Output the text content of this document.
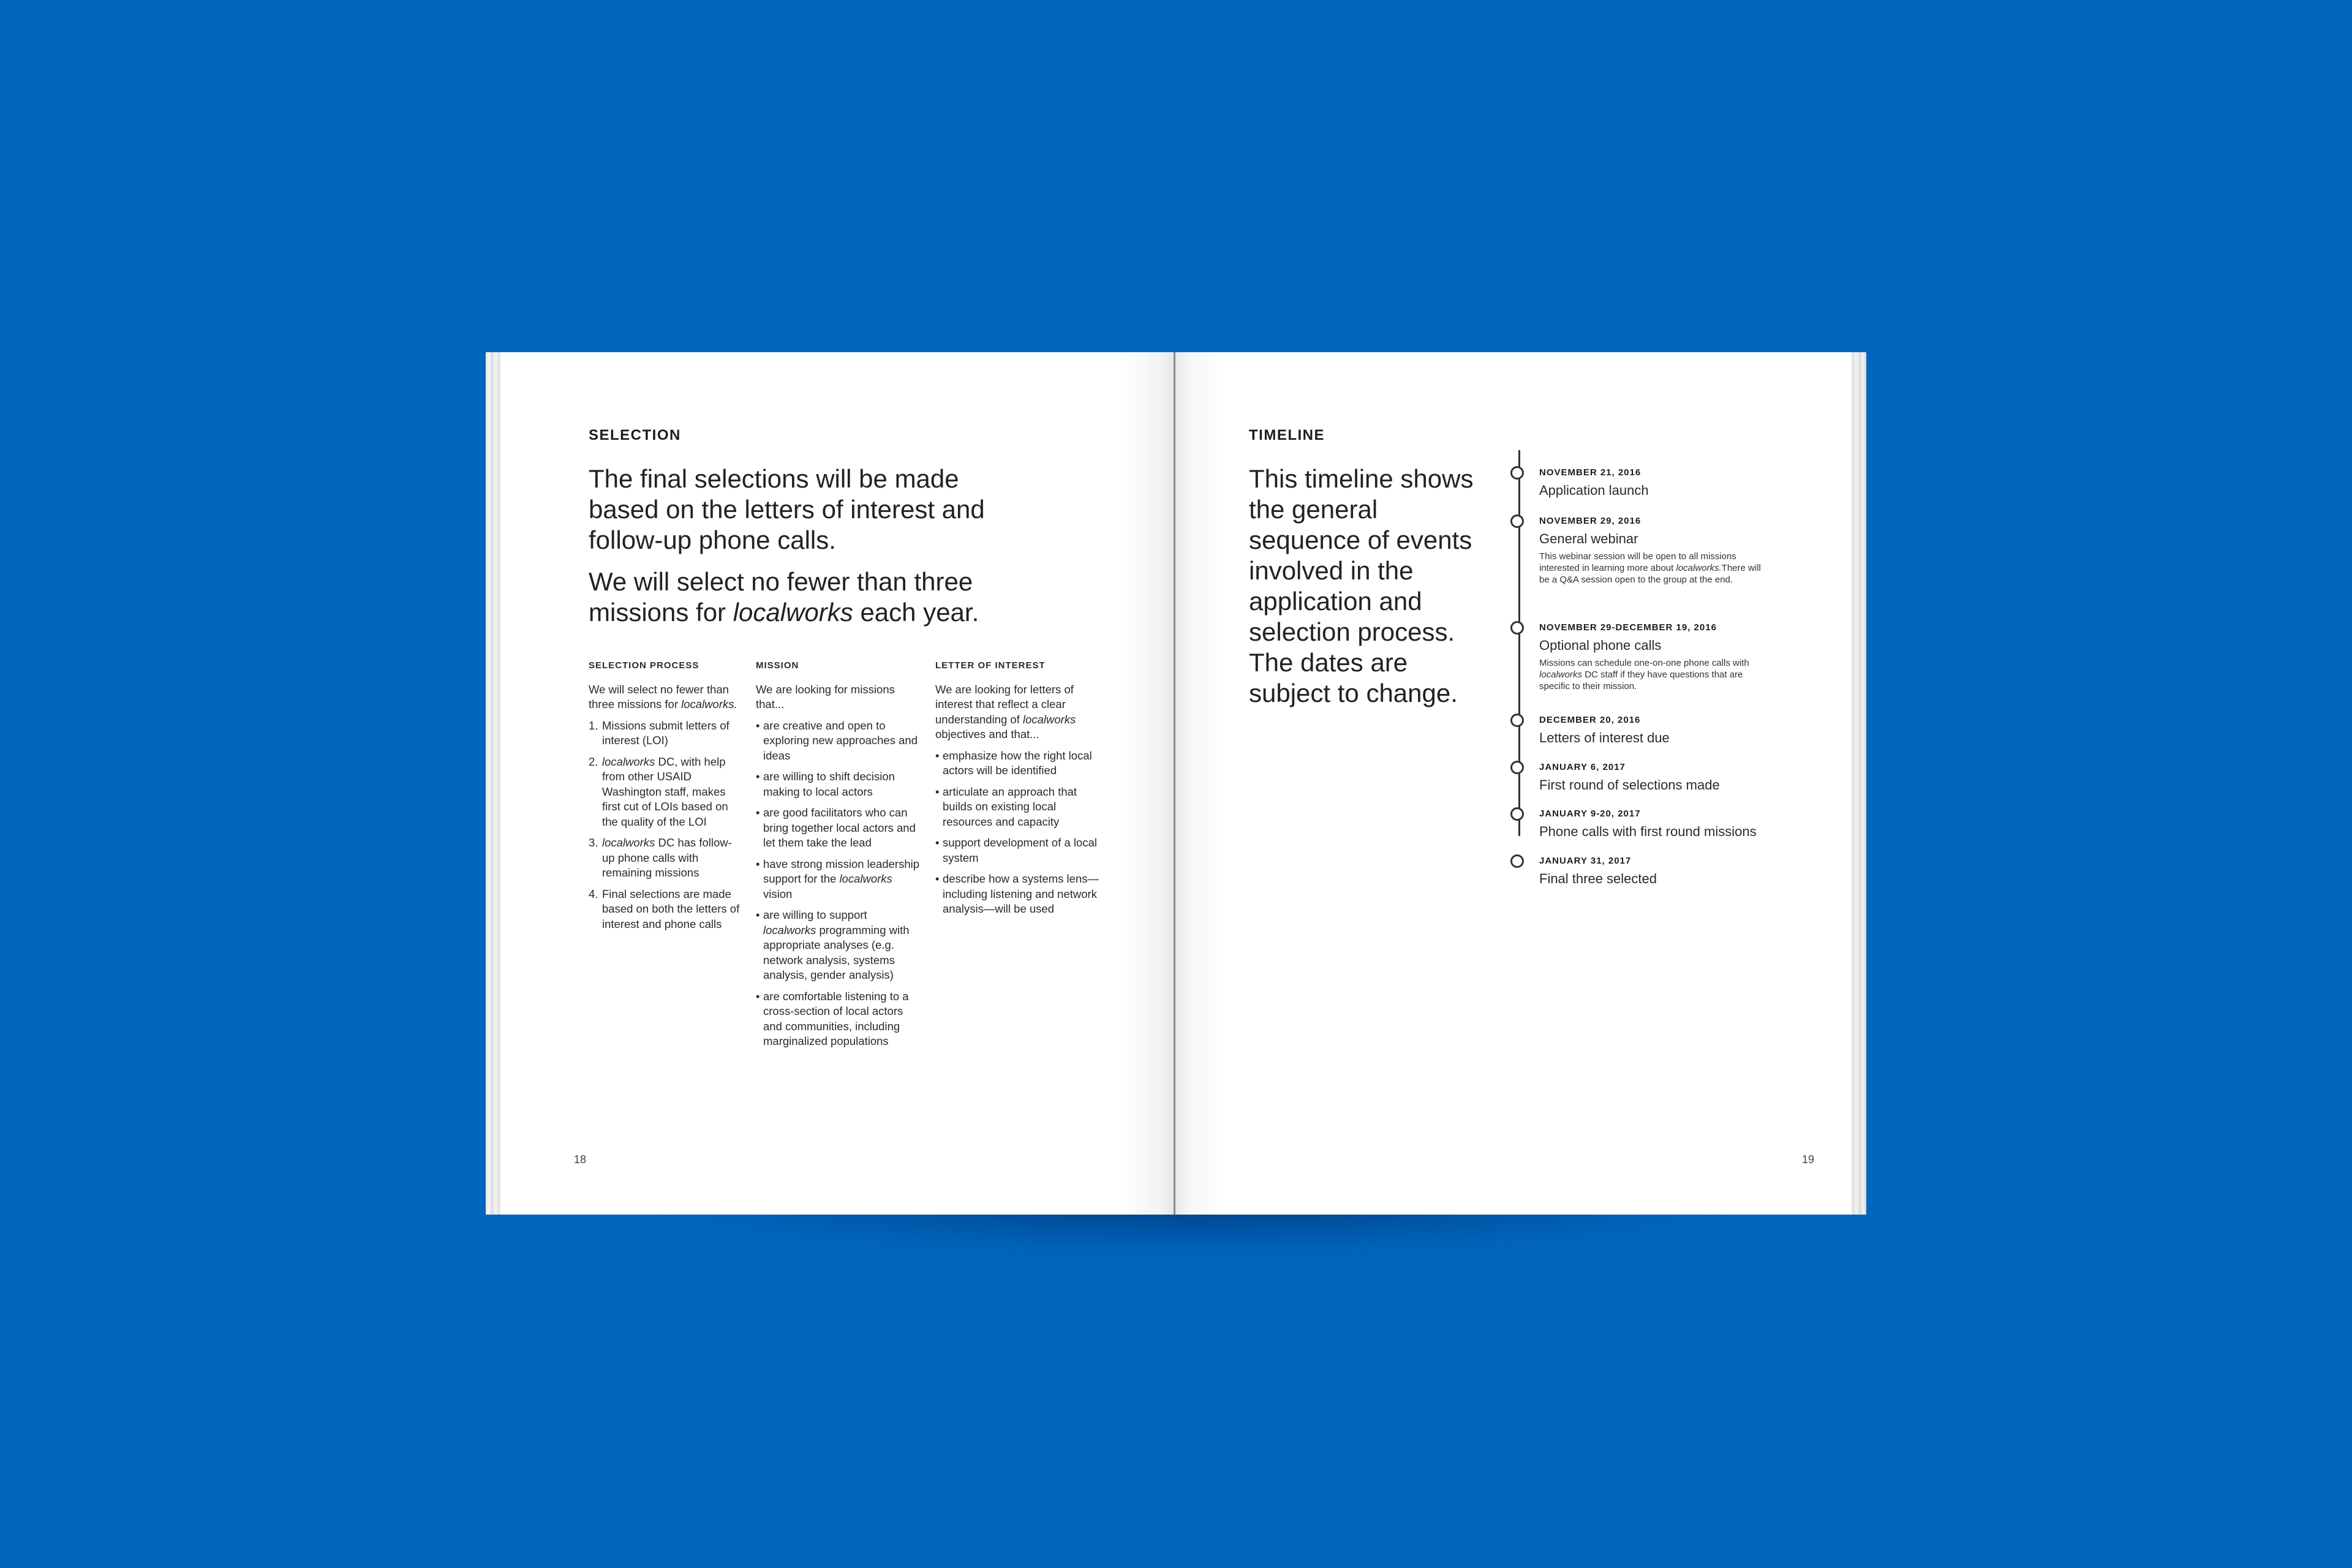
SELECTION

The final selections will be made based on the letters of interest and follow-up phone calls.

We will select no fewer than three missions for localworks each year.

SELECTION PROCESS

We will select no fewer than three missions for localworks.

1. Missions submit letters of interest (LOI)
2. localworks DC, with help from other USAID Washington staff, makes first cut of LOIs based on the quality of the LOI
3. localworks DC has follow-up phone calls with remaining missions
4. Final selections are made based on both the letters of interest and phone calls
MISSION

We are looking for missions that...

• are creative and open to exploring new approaches and ideas
• are willing to shift decision making to local actors
• are good facilitators who can bring together local actors and let them take the lead
• have strong mission leadership support for the localworks vision
• are willing to support localworks programming with appropriate analyses (e.g. network analysis, systems analysis, gender analysis)
• are comfortable listening to a cross-section of local actors and communities, including marginalized populations
LETTER OF INTEREST

We are looking for letters of interest that reflect a clear understanding of localworks objectives and that...

• emphasize how the right local actors will be identified
• articulate an approach that builds on existing local resources and capacity
• support development of a local system
• describe how a systems lens—including listening and network analysis—will be used
18
TIMELINE
This timeline shows the general sequence of events involved in the application and selection process. The dates are subject to change.
19
NOVEMBER 21, 2016
Application launch
NOVEMBER 29, 2016
General webinar
This webinar session will be open to all missions interested in learning more about localworks.There will be a Q&A session open to the group at the end.
NOVEMBER 29-DECEMBER 19, 2016
Optional phone calls
Missions can schedule one-on-one phone calls with localworks DC staff if they have questions that are specific to their mission.
DECEMBER 20, 2016
Letters of interest due
JANUARY 6, 2017
First round of selections made
JANUARY 9-20, 2017
Phone calls with first round missions
JANUARY 31, 2017
Final three selected
